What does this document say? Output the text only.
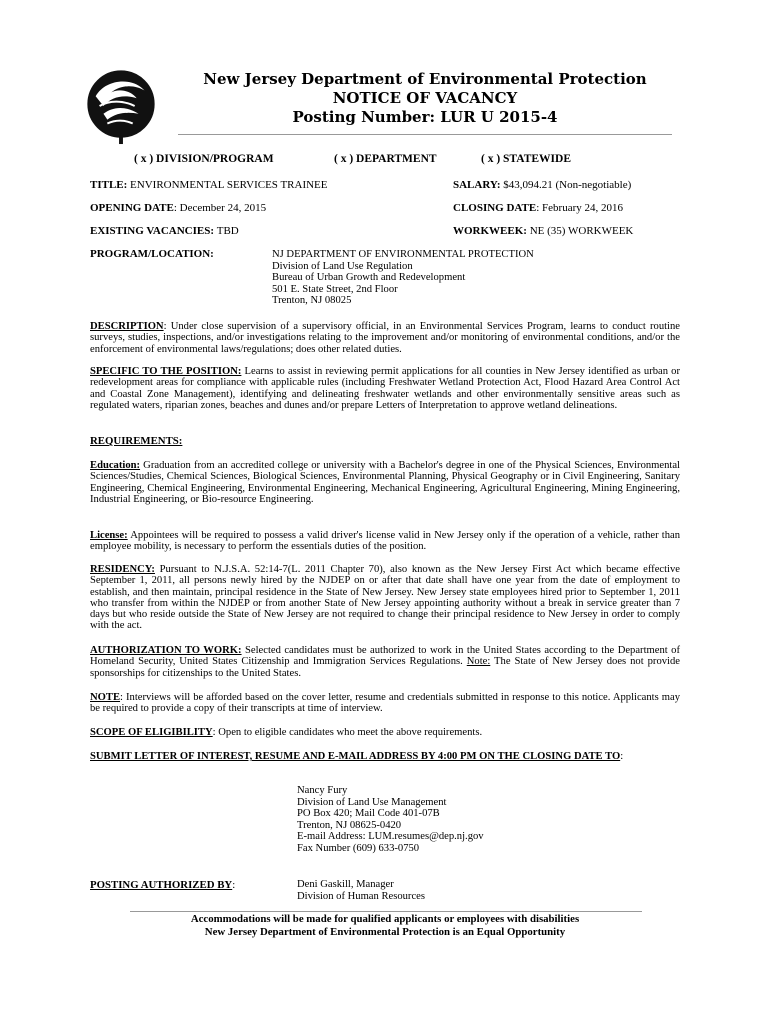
New Jersey Department of Environmental Protection
NOTICE OF VACANCY
Posting Number: LUR U 2015-4
( x ) DIVISION/PROGRAM	( x ) DEPARTMENT	( x ) STATEWIDE
TITLE: ENVIRONMENTAL SERVICES TRAINEE	SALARY: $43,094.21 (Non-negotiable)
OPENING DATE: December 24, 2015	CLOSING DATE: February 24, 2016
EXISTING VACANCIES: TBD	WORKWEEK: NE (35) WORKWEEK
PROGRAM/LOCATION:	NJ DEPARTMENT OF ENVIRONMENTAL PROTECTION
Division of Land Use Regulation
Bureau of Urban Growth and Redevelopment
501 E. State Street, 2nd Floor
Trenton, NJ 08025
DESCRIPTION: Under close supervision of a supervisory official, in an Environmental Services Program, learns to conduct routine surveys, studies, inspections, and/or investigations relating to the improvement and/or monitoring of environmental conditions, and/or the enforcement of environmental laws/regulations; does other related duties.
SPECIFIC TO THE POSITION: Learns to assist in reviewing permit applications for all counties in New Jersey identified as urban or redevelopment areas for compliance with applicable rules (including Freshwater Wetland Protection Act, Flood Hazard Area Control Act and Coastal Zone Management), identifying and delineating freshwater wetlands and other environmentally sensitive areas such as regulated waters, riparian zones, beaches and dunes and/or prepare Letters of Interpretation to approve wetland delineations.
REQUIREMENTS:
Education: Graduation from an accredited college or university with a Bachelor's degree in one of the Physical Sciences, Environmental Sciences/Studies, Chemical Sciences, Biological Sciences, Environmental Planning, Physical Geography or in Civil Engineering, Sanitary Engineering, Chemical Engineering, Environmental Engineering, Mechanical Engineering, Agricultural Engineering, Mining Engineering, Industrial Engineering, or Bio-resource Engineering.
License: Appointees will be required to possess a valid driver's license valid in New Jersey only if the operation of a vehicle, rather than employee mobility, is necessary to perform the essentials duties of the position.
RESIDENCY: Pursuant to N.J.S.A. 52:14-7(L. 2011 Chapter 70), also known as the New Jersey First Act which became effective September 1, 2011, all persons newly hired by the NJDEP on or after that date shall have one year from the date of employment to establish, and then maintain, principal residence in the State of New Jersey. New Jersey state employees hired prior to September 1, 2011 who transfer from within the NJDEP or from another State of New Jersey appointing authority without a break in service greater than 7 days but who reside outside the State of New Jersey are not required to change their principal residence to New Jersey in order to comply with the act.
AUTHORIZATION TO WORK: Selected candidates must be authorized to work in the United States according to the Department of Homeland Security, United States Citizenship and Immigration Services Regulations. Note: The State of New Jersey does not provide sponsorships for citizenships to the United States.
NOTE: Interviews will be afforded based on the cover letter, resume and credentials submitted in response to this notice. Applicants may be required to provide a copy of their transcripts at time of interview.
SCOPE OF ELIGIBILITY: Open to eligible candidates who meet the above requirements.
SUBMIT LETTER OF INTEREST, RESUME AND E-MAIL ADDRESS BY 4:00 PM ON THE CLOSING DATE TO:
Nancy Fury
Division of Land Use Management
PO Box 420; Mail Code 401-07B
Trenton, NJ 08625-0420
E-mail Address: LUM.resumes@dep.nj.gov
Fax Number (609) 633-0750
POSTING AUTHORIZED BY:	Deni Gaskill, Manager
Division of Human Resources
Accommodations will be made for qualified applicants or employees with disabilities
New Jersey Department of Environmental Protection is an Equal Opportunity
